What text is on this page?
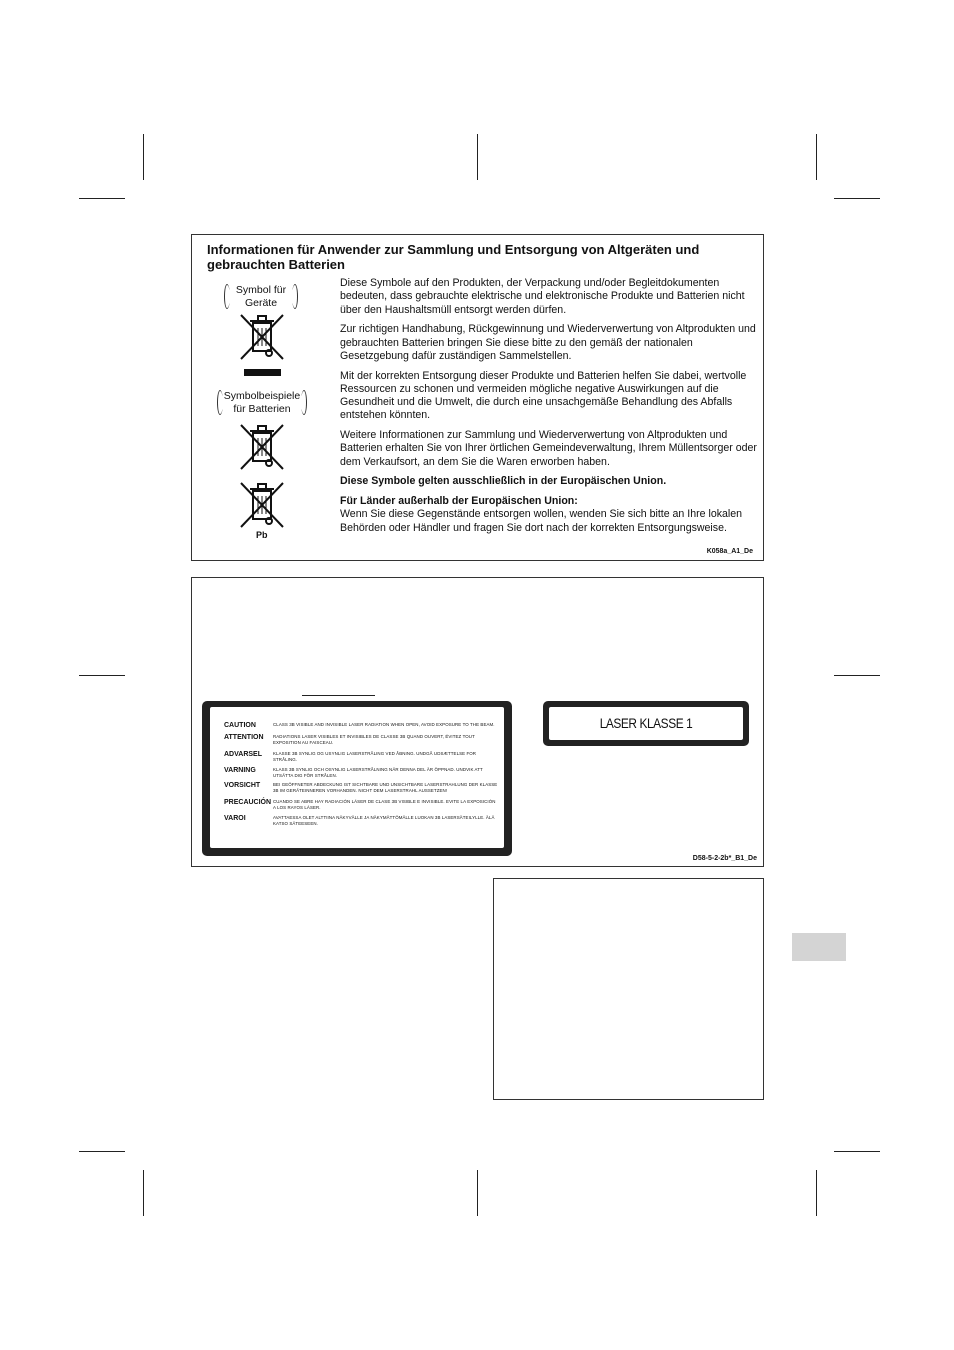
Informationen für Anwender zur Sammlung und Entsorgung von Altgeräten und gebrauchten Batterien
Symbol für Geräte
Symbolbeispiele für Batterien
Pb

Diese Symbole auf den Produkten, der Verpackung und/oder Begleitdokumenten bedeuten, dass gebrauchte elektrische und elektronische Produkte und Batterien nicht über den Haushaltsmüll entsorgt werden dürfen.

Zur richtigen Handhabung, Rückgewinnung und Wiederverwertung von Altprodukten und gebrauchten Batterien bringen Sie diese bitte zu den gemäß der nationalen Gesetzgebung dafür zuständigen Sammelstellen.

Mit der korrekten Entsorgung dieser Produkte und Batterien helfen Sie dabei, wertvolle Ressourcen zu schonen und vermeiden mögliche negative Auswirkungen auf die Gesundheit und die Umwelt, die durch eine unsachgemäße Behandlung des Abfalls entstehen könnten.

Weitere Informationen zur Sammlung und Wiederverwertung von Altprodukten und Batterien erhalten Sie von Ihrer örtlichen Gemeindeverwaltung, Ihrem Müllentsorger oder dem Verkaufsort, an dem Sie die Waren erworben haben.

Diese Symbole gelten ausschließlich in der Europäischen Union.

Für Länder außerhalb der Europäischen Union:

Wenn Sie diese Gegenstände entsorgen wollen, wenden Sie sich bitte an Ihre lokalen Behörden oder Händler und fragen Sie dort nach der korrekten Entsorgungsweise.

K058a_A1_De
CAUTION	CLASS 3B VISIBLE AND INVISIBLE LASER RADIATION WHEN OPEN, AVOID EXPOSURE TO THE BEAM.
ATTENTION RADIATIONS LASER VISIBLES ET INVISIBLES DE CLASSE 3B QUAND OUVERT, ÉVITEZ TOUT EXPOSITION AU FAISCEAU.
ADVARSEL	KLASSE 3B SYNLIG OG USYNLIG LASERSTRÅLING VED ÅBNING. UNDGÅ UDSÆTTELSE FOR STRÅLING.
VARNING	KLASS 3B SYNLIG OCH OSYNLIG LASERSTRÅLNING NÄR DENNA DEL ÄR ÖPPNAD. UNDVIK ATT UTSÄTTA DIG FÖR STRÅLEN.
VORSICHT	BEI GEÖFFNETER ABDECKUNG IST SICHTBARE UND UNSICHTBARE LASERSTRAHLUNG DER KLASSE 3B IM GERÄTEINNEREN VORHANDEN. NICHT DEM LASERSTRAHL AUSSETZEN!
PRECAUCIÓN CUANDO SE ABRE HAY RADIACIÓN LÁSER DE CLASE 3B VISIBLE E INVISIBLE. EVITE LA EXPOSICIÓN A LOS RAYOS LÁSER.
VAROI	AVATTAESSA OLET ALTTIINA NÄKYVÄLLE JA NÄKYMÄTTÖMÄLLE LUOKAN 3B LASERSÄTEILYLLE. ÄLÄ KATSO SÄTEESEEN.
LASER KLASSE 1
D58-5-2-2b*_B1_De
